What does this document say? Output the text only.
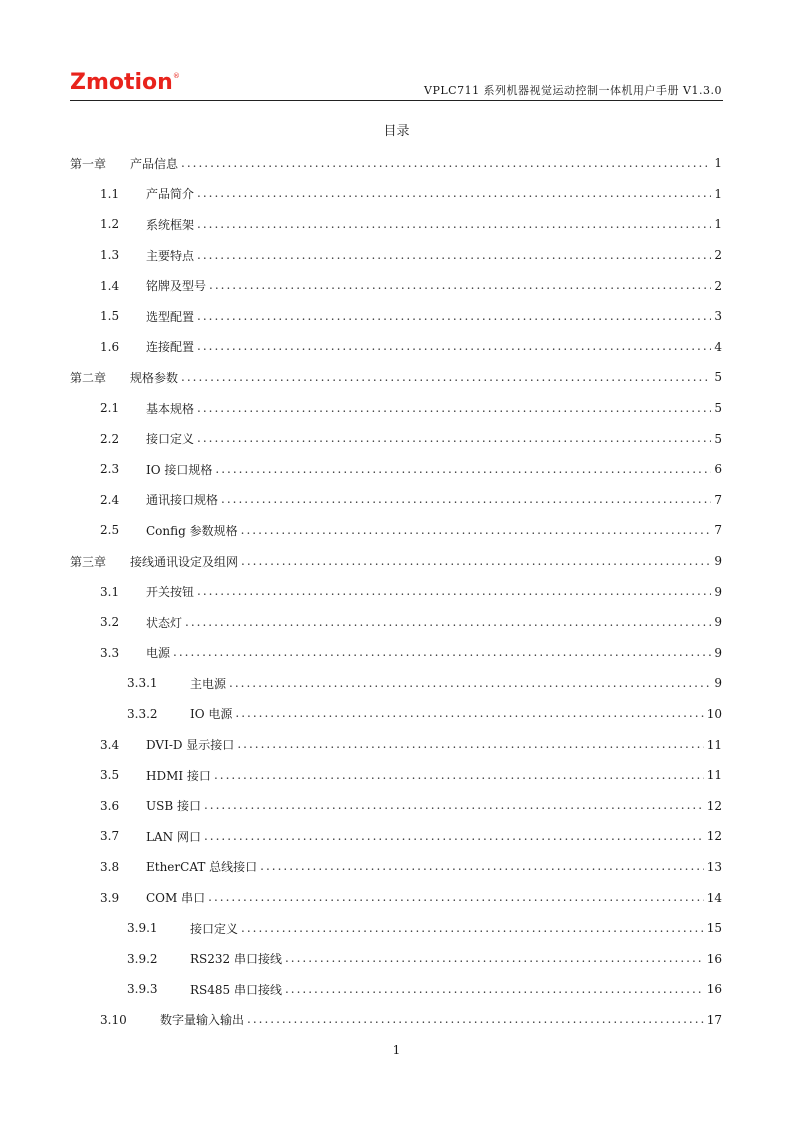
Zmotion®
VPLC711 系列机器视觉运动控制一体机用户手册 V1.3.0
目录
第一章	产品信息 .....	1
1.1	产品简介 .....	1
1.2	系统框架 .....	1
1.3	主要特点 .....	2
1.4	铭牌及型号 .....	2
1.5	选型配置 .....	3
1.6	连接配置 .....	4
第二章	规格参数 .....	5
2.1	基本规格 .....	5
2.2	接口定义 .....	5
2.3	IO 接口规格 .....	6
2.4	通讯接口规格 .....	7
2.5	Config 参数规格 .....	7
第三章	接线通讯设定及组网 .....	9
3.1	开关按钮 .....	9
3.2	状态灯 .....	9
3.3	电源 .....	9
3.3.1	主电源 .....	9
3.3.2	IO 电源 .....	10
3.4	DVI-D 显示接口 .....	11
3.5	HDMI 接口 .....	11
3.6	USB 接口 .....	12
3.7	LAN 网口 .....	12
3.8	EtherCAT 总线接口 .....	13
3.9	COM 串口 .....	14
3.9.1	接口定义 .....	15
3.9.2	RS232 串口接线 .....	16
3.9.3	RS485 串口接线 .....	16
3.10	数字量输入输出 .....	17
1
